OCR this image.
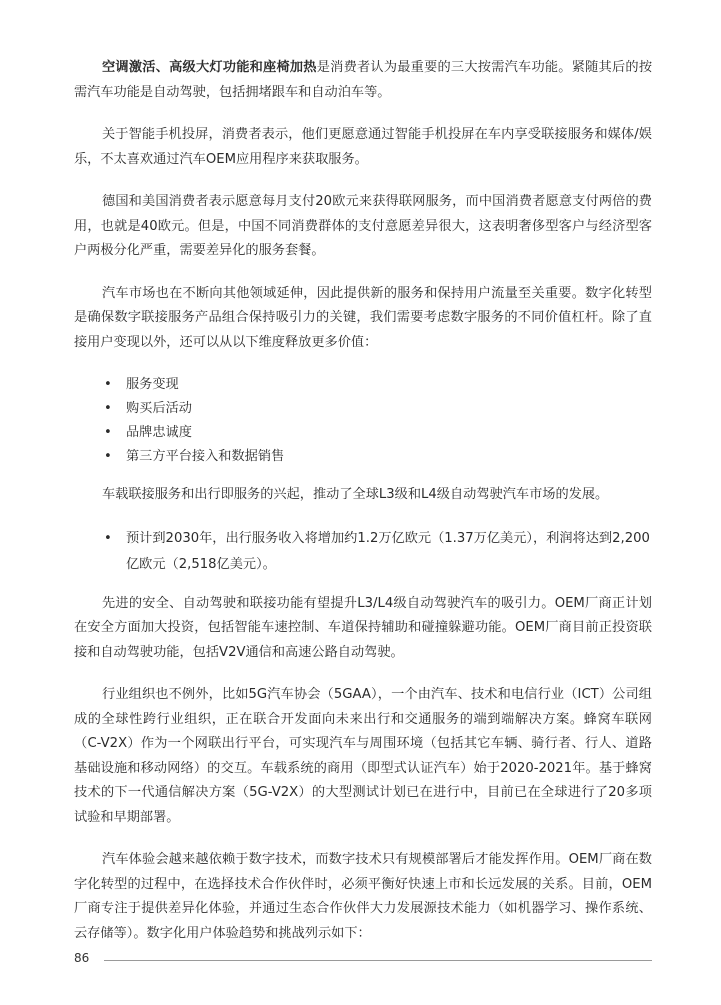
空调激活、高级大灯功能和座椅加热是消费者认为最重要的三大按需汽车功能。紧随其后的按需汽车功能是自动驾驶，包括拥堵跟车和自动泊车等。

关于智能手机投屏，消费者表示，他们更愿意通过智能手机投屏在车内享受联接服务和媒体/娱乐，不太喜欢通过汽车OEM应用程序来获取服务。

德国和美国消费者表示愿意每月支付20欧元来获得联网服务，而中国消费者愿意支付两倍的费用，也就是40欧元。但是，中国不同消费群体的支付意愿差异很大，这表明奢侈型客户与经济型客户两极分化严重，需要差异化的服务套餐。

汽车市场也在不断向其他领域延伸，因此提供新的服务和保持用户流量至关重要。数字化转型是确保数字联接服务产品组合保持吸引力的关键，我们需要考虑数字服务的不同价值杠杆。除了直接用户变现以外，还可以从以下维度释放更多价值：

• 服务变现
• 购买后活动
• 品牌忠诚度
• 第三方平台接入和数据销售

车载联接服务和出行即服务的兴起，推动了全球L3级和L4级自动驾驶汽车市场的发展。

• 预计到2030年，出行服务收入将增加约1.2万亿欧元（1.37万亿美元），利润将达到2,200亿欧元（2,518亿美元）。

先进的安全、自动驾驶和联接功能有望提升L3/L4级自动驾驶汽车的吸引力。OEM厂商正计划在安全方面加大投资，包括智能车速控制、车道保持辅助和碰撞躲避功能。OEM厂商目前正投资联接和自动驾驶功能，包括V2V通信和高速公路自动驾驶。

行业组织也不例外，比如5G汽车协会（5GAA），一个由汽车、技术和电信行业（ICT）公司组成的全球性跨行业组织，正在联合开发面向未来出行和交通服务的端到端解决方案。蜂窝车联网（C-V2X）作为一个网联出行平台，可实现汽车与周围环境（包括其它车辆、骑行者、行人、道路基础设施和移动网络）的交互。车载系统的商用（即型式认证汽车）始于2020-2021年。基于蜂窝技术的下一代通信解决方案（5G-V2X）的大型测试计划已在进行中，目前已在全球进行了20多项试验和早期部署。

汽车体验会越来越依赖于数字技术，而数字技术只有规模部署后才能发挥作用。OEM厂商在数字化转型的过程中，在选择技术合作伙伴时，必须平衡好快速上市和长远发展的关系。目前，OEM厂商专注于提供差异化体验，并通过生态合作伙伴大力发展源技术能力（如机器学习、操作系统、云存储等）。数字化用户体验趋势和挑战列示如下：

86
